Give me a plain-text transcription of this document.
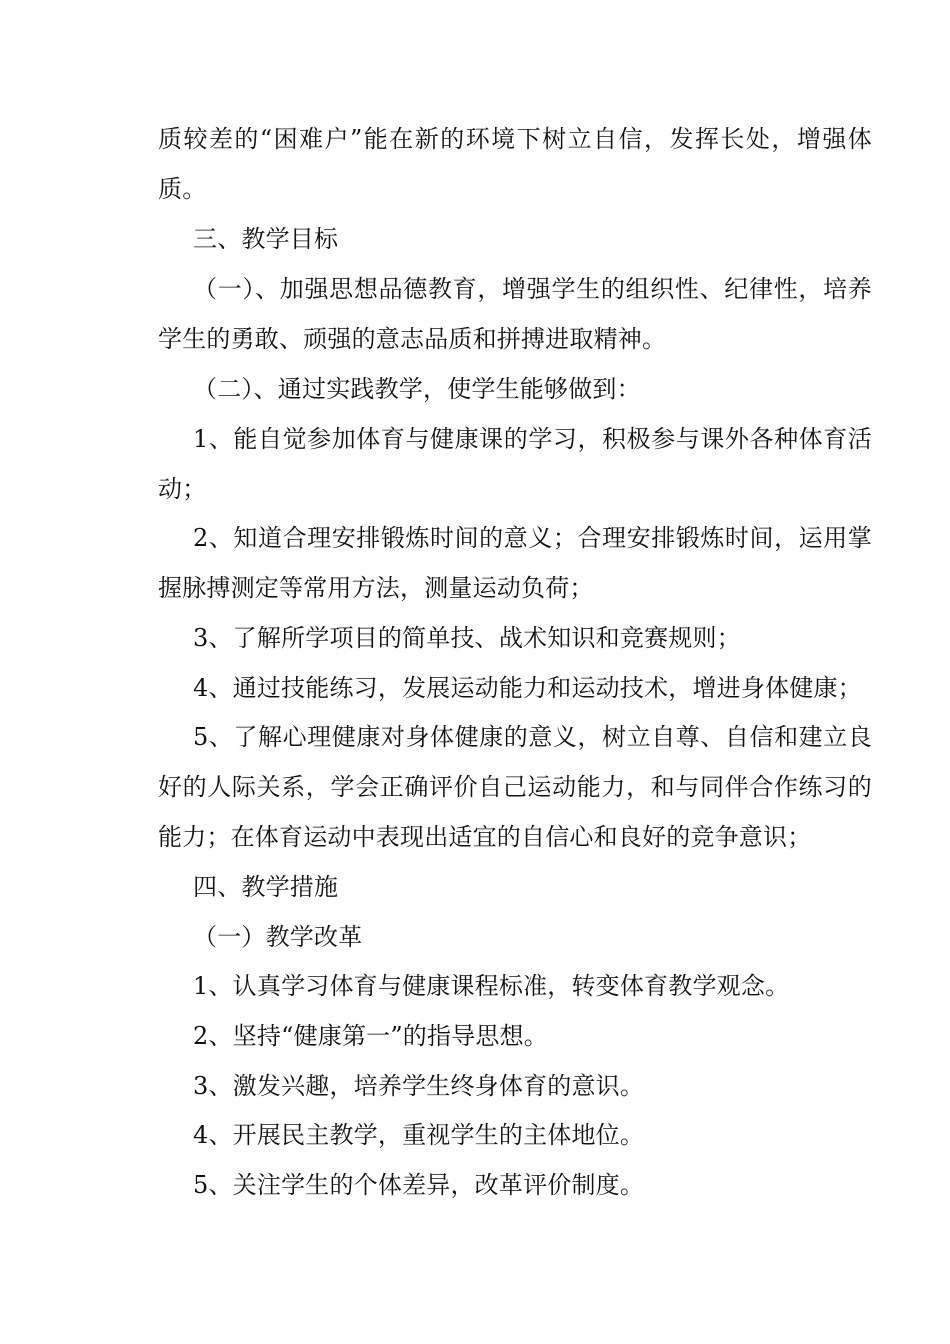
质较差的“困难户”能在新的环境下树立自信，发挥长处，增强体
质。
三、教学目标
（一）、加强思想品德教育，增强学生的组织性、纪律性，培养
学生的勇敢、顽强的意志品质和拼搏进取精神。
（二）、通过实践教学，使学生能够做到：
1、能自觉参加体育与健康课的学习，积极参与课外各种体育活
动；
2、知道合理安排锻炼时间的意义；合理安排锻炼时间，运用掌
握脉搏测定等常用方法，测量运动负荷；
3、了解所学项目的简单技、战术知识和竞赛规则；
4、通过技能练习，发展运动能力和运动技术，增进身体健康；
5、了解心理健康对身体健康的意义，树立自尊、自信和建立良
好的人际关系，学会正确评价自己运动能力，和与同伴合作练习的
能力；在体育运动中表现出适宜的自信心和良好的竞争意识；
四、教学措施
（一）教学改革
1、认真学习体育与健康课程标准，转变体育教学观念。
2、坚持“健康第一”的指导思想。
3、激发兴趣，培养学生终身体育的意识。
4、开展民主教学，重视学生的主体地位。
5、关注学生的个体差异，改革评价制度。
